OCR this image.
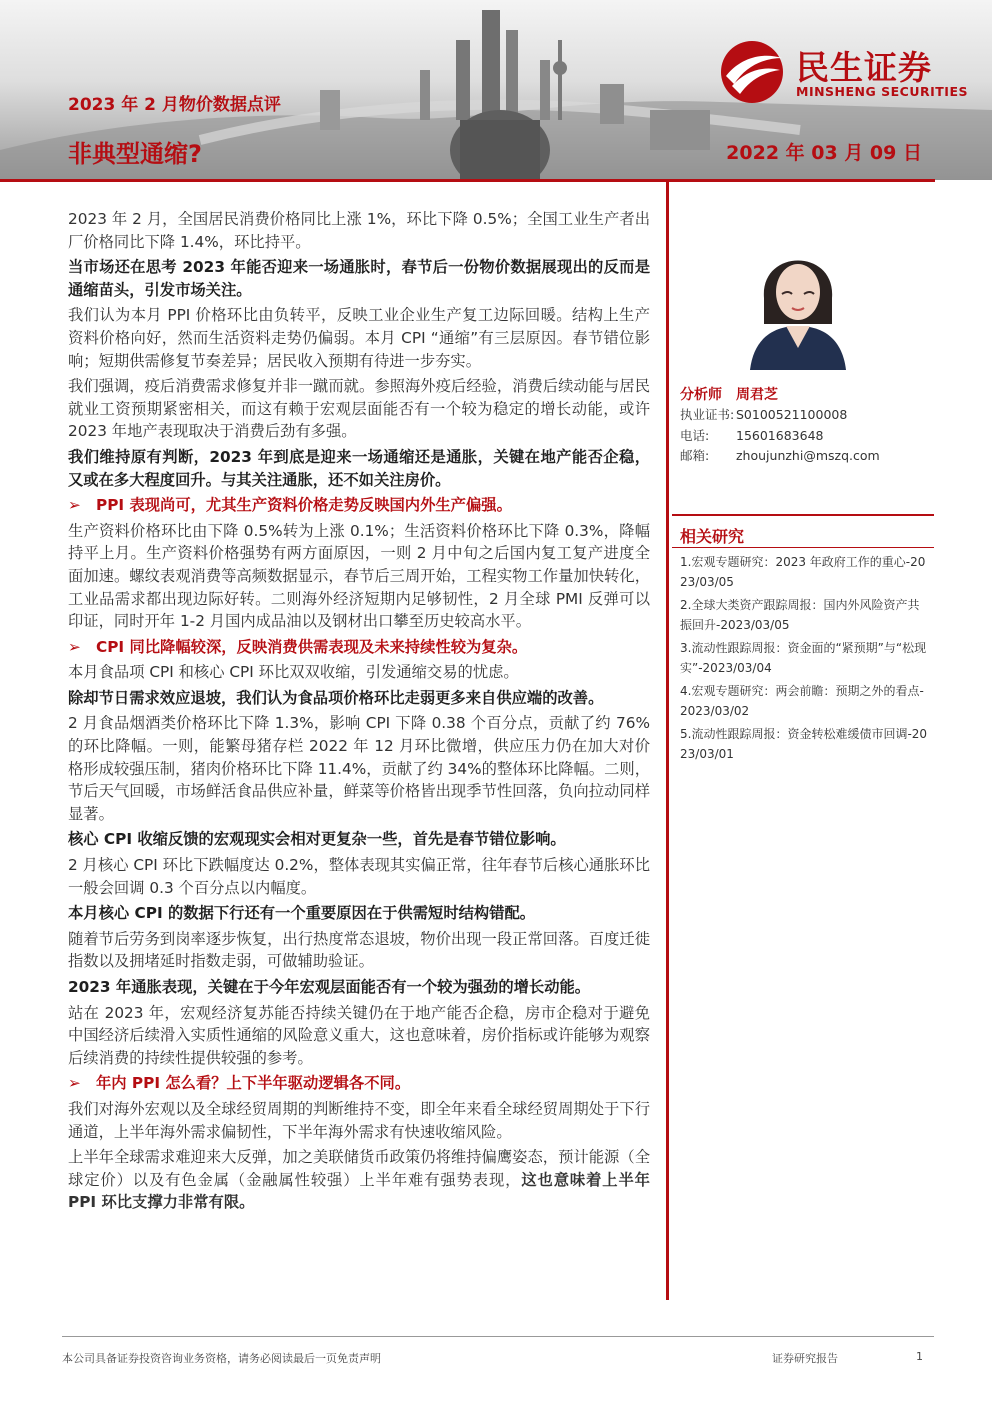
2023 年 2 月物价数据点评
非典型通缩?	2022 年 03 月 09 日
民生证券
MINSHENG SECURITIES

2023 年 2 月，全国居民消费价格同比上涨 1%，环比下降 0.5%；全国工业生产者出厂价格同比下降 1.4%，环比持平。

当市场还在思考 2023 年能否迎来一场通胀时，春节后一份物价数据展现出的反而是通缩苗头，引发市场关注。

我们认为本月 PPI 价格环比由负转平，反映工业企业生产复工边际回暖。结构上生产资料价格向好，然而生活资料走势仍偏弱。本月 CPI “通缩”有三层原因。春节错位影响；短期供需修复节奏差异；居民收入预期有待进一步夯实。

我们强调，疫后消费需求修复并非一蹴而就。参照海外疫后经验，消费后续动能与居民就业工资预期紧密相关，而这有赖于宏观层面能否有一个较为稳定的增长动能，或许 2023 年地产表现取决于消费后劲有多强。

我们维持原有判断，2023 年到底是迎来一场通缩还是通胀，关键在地产能否企稳，又或在多大程度回升。与其关注通胀，还不如关注房价。

➢ PPI 表现尚可，尤其生产资料价格走势反映国内外生产偏强。

生产资料价格环比由下降 0.5%转为上涨 0.1%；生活资料价格环比下降 0.3%，降幅持平上月。生产资料价格强势有两方面原因，一则 2 月中旬之后国内复工复产进度全面加速。螺纹表观消费等高频数据显示，春节后三周开始，工程实物工作量加快转化，工业品需求都出现边际好转。二则海外经济短期内足够韧性，2 月全球 PMI 反弹可以印证，同时开年 1-2 月国内成品油以及钢材出口攀至历史较高水平。

➢ CPI 同比降幅较深，反映消费供需表现及未来持续性较为复杂。

本月食品项 CPI 和核心 CPI 环比双双收缩，引发通缩交易的忧虑。

除却节日需求效应退坡，我们认为食品项价格环比走弱更多来自供应端的改善。

2 月食品烟酒类价格环比下降 1.3%，影响 CPI 下降 0.38 个百分点，贡献了约 76%的环比降幅。一则，能繁母猪存栏 2022 年 12 月环比微增，供应压力仍在加大对价格形成较强压制，猪肉价格环比下降 11.4%，贡献了约 34%的整体环比降幅。二则，节后天气回暖，市场鲜活食品供应补量，鲜菜等价格皆出现季节性回落，负向拉动同样显著。

核心 CPI 收缩反馈的宏观现实会相对更复杂一些，首先是春节错位影响。

2 月核心 CPI 环比下跌幅度达 0.2%，整体表现其实偏正常，往年春节后核心通胀环比一般会回调 0.3 个百分点以内幅度。

本月核心 CPI 的数据下行还有一个重要原因在于供需短时结构错配。

随着节后劳务到岗率逐步恢复，出行热度常态退坡，物价出现一段正常回落。百度迁徙指数以及拥堵延时指数走弱，可做辅助验证。

2023 年通胀表现，关键在于今年宏观层面能否有一个较为强劲的增长动能。

站在 2023 年，宏观经济复苏能否持续关键仍在于地产能否企稳，房市企稳对于避免中国经济后续滑入实质性通缩的风险意义重大，这也意味着，房价指标或许能够为观察后续消费的持续性提供较强的参考。

➢ 年内 PPI 怎么看？上下半年驱动逻辑各不同。

我们对海外宏观以及全球经贸周期的判断维持不变，即全年来看全球经贸周期处于下行通道，上半年海外需求偏韧性，下半年海外需求有快速收缩风险。

上半年全球需求难迎来大反弹，加之美联储货币政策仍将维持偏鹰姿态，预计能源（全球定价）以及有色金属（金融属性较强）上半年难有强势表现，这也意味着上半年 PPI 环比支撑力非常有限。

分析师 周君芝
执业证书: S0100521100008
电话: 15601683648
邮箱: zhoujunzhi@mszq.com
相关研究
1.宏观专题研究：2023 年政府工作的重心-2023/03/05
2.全球大类资产跟踪周报：国内外风险资产共振回升-2023/03/05
3.流动性跟踪周报：资金面的“紧预期”与“松现实”-2023/03/04
4.宏观专题研究：两会前瞻：预期之外的看点-2023/03/02
5.流动性跟踪周报：资金转松难缓债市回调-2023/03/01
本公司具备证券投资咨询业务资格，请务必阅读最后一页免责声明	证券研究报告	1
